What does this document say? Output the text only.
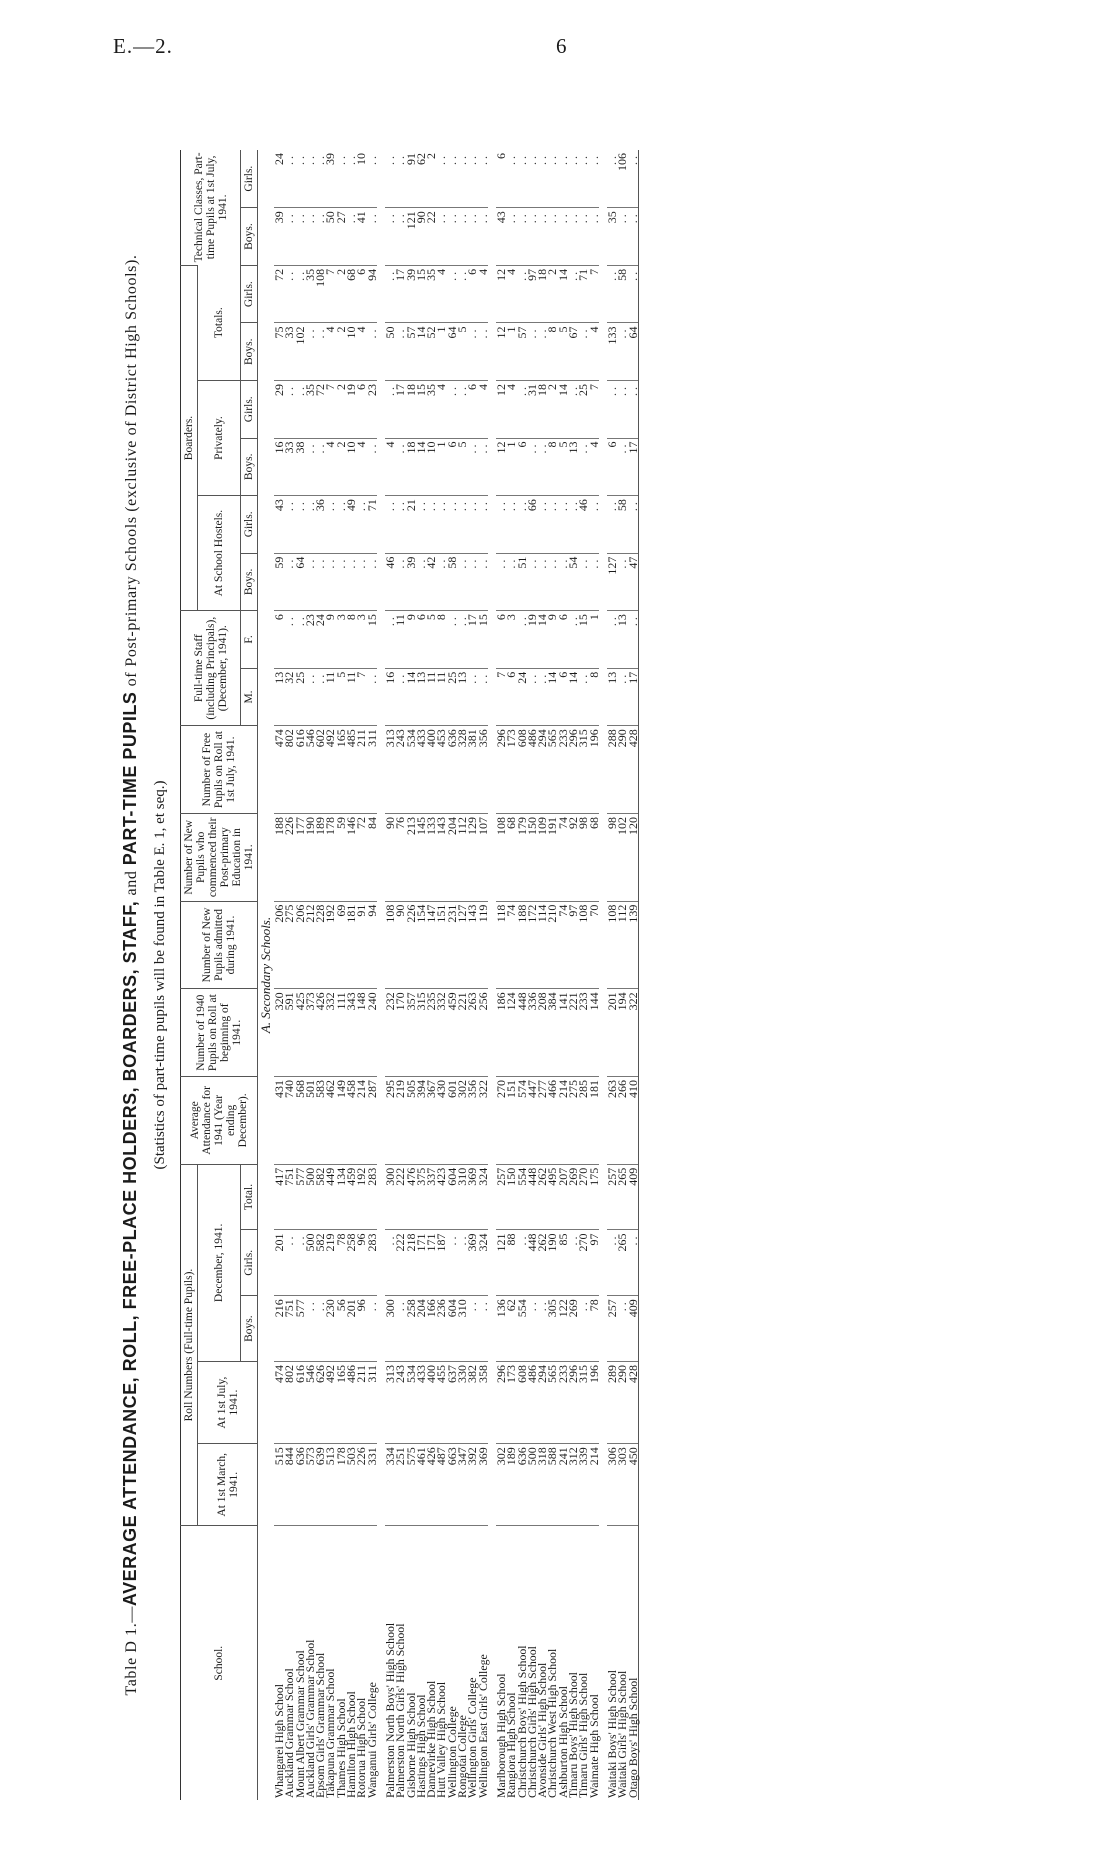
E.—2.	6
Table D 1.—AVERAGE ATTENDANCE, ROLL, FREE-PLACE HOLDERS, BOARDERS, STAFF, and PART-TIME PUPILS of Post-primary Schools (exclusive of District High Schools).
(Statistics of part-time pupils will be found in Table E. 1, et seq.)
School.	Roll Numbers (Full-time Pupils).					Average Attendance for 1941 (Year ending December).	Number of 1940 Pupils on Roll at beginning of 1941.	Number of New Pupils admitted during 1941.	Number of New Pupils who commenced their Post-primary Education in 1941.	Number of Free Pupils on Roll at 1st July, 1941.	Full-time Staff (including Principals), (December, 1941).		Boarders.						Technical Classes, Part-time Pupils at 1st July, 1941.	
	At 1st March, 1941.	At 1st July, 1941.	December, 1941.										At School Hostels.		Privately.		Totals.			
			Boys.	Girls.	Total.						M.	F.	Boys.	Girls.	Boys.	Girls.	Boys.	Girls.	Boys.	Girls.
A. Secondary Schools.																				
Whangarei High School	515	474	216	201	417	431	320	206	188	474	13	6	59	43	16	29	75	72	39	24
Auckland Grammar School	844	802	751	..	751	740	591	275	226	802	32	..	..	..	33	..	33	..	..	..
Mount Albert Grammar School	636	616	577	..	577	568	425	206	177	616	25	..	64	..	38	..	102	..	..	..
Auckland Girls' Grammar School	573	546	..	500	500	501	373	212	190	546	..	23	..	..	..	35	..	35	..	..
Epsom Girls' Grammar School	639	626	..	582	582	583	426	228	189	602	..	24	..	36	..	72	..	108	..	..
Takapuna Grammar School	513	492	230	219	449	462	332	192	178	492	11	9	..	..	4	7	4	7	50	39
Thames High School	178	165	56	78	134	149	111	69	59	165	5	3	..	..	2	2	2	2	27	..
Hamilton High School	503	486	201	258	459	458	343	181	146	485	11	8	..	49	10	19	10	68	..	..
Rotorua High School	226	211	96	96	192	214	148	91	72	211	7	3	..	..	4	6	4	6	41	10
Wanganui Girls' College	331	311	..	283	283	287	240	94	84	311	..	15	..	71	..	23	..	94	..	..

Palmerston North Boys' High School	334	313	300	..	300	295	232	108	90	313	16	..	46	..	4	..	50	..	..	..
Palmerston North Girls' High School	251	243	..	222	222	219	170	90	76	243	..	11	..	..	..	17	..	17	..	..
Gisborne High School	575	534	258	218	476	505	357	226	213	534	14	9	39	21	18	18	57	39	121	91
Hastings High School	461	433	204	171	375	394	315	154	145	433	13	6	..	..	14	15	14	15	90	62
Dannevirke High School	426	400	166	171	337	367	235	147	133	400	11	5	42	..	10	35	52	35	22	2
Hutt Valley High School	487	455	236	187	423	430	332	151	143	453	11	8	..	..	1	4	1	4	..	..
Wellington College	663	637	604	..	604	601	459	231	204	636	25	..	58	..	6	..	64	..	..	..
Rongotai College	347	330	310	..	310	302	221	127	112	328	13	..	..	..	5	..	5	..	..	..
Wellington Girls' College	392	382	..	369	369	356	263	143	129	381	..	17	..	..	..	6	..	6	..	..
Wellington East Girls' College	369	358	..	324	324	322	256	119	107	356	..	15	..	..	..	4	..	4	..	..

Marlborough High School	302	296	136	121	257	270	186	118	108	296	7	6	..	..	12	12	12	12	43	6
Rangiora High School	189	173	62	88	150	151	124	74	68	173	6	3	..	..	1	4	1	4	..	..
Christchurch Boys' High School	636	608	554	..	554	574	448	188	179	608	24	..	51	..	6	..	57	..	..	..
Christchurch Girls' High School	500	486	..	448	448	447	336	172	150	486	..	19	..	66	..	31	..	97	..	..
Avonside Girls' High School	318	294	..	262	262	277	208	114	109	294	..	14	..	..	..	18	..	18	..	..
Christchurch West High School	588	565	305	190	495	466	384	210	191	565	14	9	..	..	8	2	8	2	..	..
Ashburton High School	241	233	122	85	207	214	141	74	74	233	6	6	..	..	5	14	5	14	..	..
Timaru Boys' High School	312	296	269	..	269	275	221	97	92	296	14	..	54	..	13	..	67	..	..	..
Timaru Girls' High School	339	315	..	270	270	285	233	108	98	315	..	15	..	46	..	25	..	71	..	..
Waimate High School	214	196	78	97	175	181	144	70	68	196	8	1	..	..	4	7	4	7	..	..

Waitaki Boys' High School	306	289	257	..	257	263	201	108	98	288	13	..	127	..	6	..	133	..	35	..
Waitaki Girls' High School	303	290	..	265	265	266	194	112	102	290	..	13	..	58	..	..	..	58	..	106
Otago Boys' High School	450	428	409	..	409	410	322	139	120	428	17	..	47	..	17	..	64	..	..	..
